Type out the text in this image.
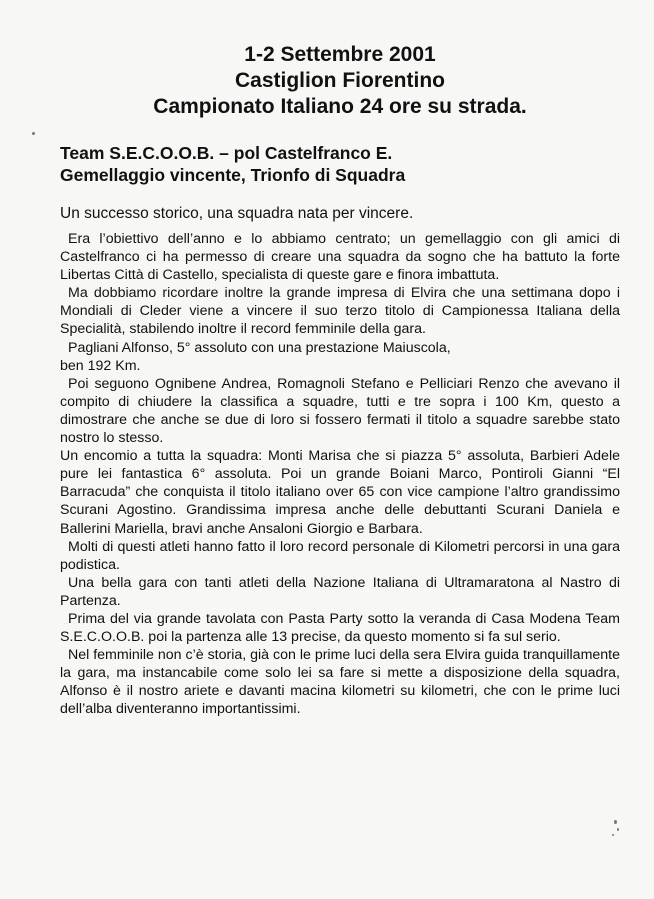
1-2 Settembre 2001
Castiglion Fiorentino
Campionato Italiano 24 ore su strada.
Team S.E.C.O.O.B. – pol Castelfranco E.
Gemellaggio vincente, Trionfo di Squadra
Un successo storico, una squadra nata per vincere.

Era l’obiettivo dell’anno e lo abbiamo centrato; un gemellaggio con gli amici di Castelfranco ci ha permesso di creare una squadra da sogno che ha battuto la forte Libertas Città di Castello, specialista di queste gare e finora imbattuta.

Ma dobbiamo ricordare inoltre la grande impresa di Elvira che una settimana dopo i Mondiali di Cleder viene a vincere il suo terzo titolo di Campionessa Italiana della Specialità, stabilendo inoltre il record femminile della gara.

Pagliani Alfonso, 5° assoluto con una prestazione Maiuscola,

ben 192 Km.

Poi seguono Ognibene Andrea, Romagnoli Stefano e Pelliciari Renzo che avevano il compito di chiudere la classifica a squadre, tutti e tre sopra i 100 Km, questo a dimostrare che anche se due di loro si fossero fermati il titolo a squadre sarebbe stato nostro lo stesso.

Un encomio a tutta la squadra: Monti Marisa che si piazza 5° assoluta, Barbieri Adele pure lei fantastica 6° assoluta. Poi un grande Boiani Marco, Pontiroli Gianni “El Barracuda” che conquista il titolo italiano over 65 con vice campione l’altro grandissimo Scurani Agostino. Grandissima impresa anche delle debuttanti Scurani Daniela e Ballerini Mariella, bravi anche Ansaloni Giorgio e Barbara.

Molti di questi atleti hanno fatto il loro record personale di Kilometri percorsi in una gara podistica.

Una bella gara con tanti atleti della Nazione Italiana di Ultramaratona al Nastro di Partenza.

Prima del via grande tavolata con Pasta Party sotto la veranda di Casa Modena Team S.E.C.O.O.B. poi la partenza alle 13 precise, da questo momento si fa sul serio.

Nel femminile non c’è storia, già con le prime luci della sera Elvira guida tranquillamente la gara, ma instancabile come solo lei sa fare si mette a disposizione della squadra, Alfonso è il nostro ariete e davanti macina kilometri su kilometri, che con le prime luci dell’alba diventeranno importantissimi.
